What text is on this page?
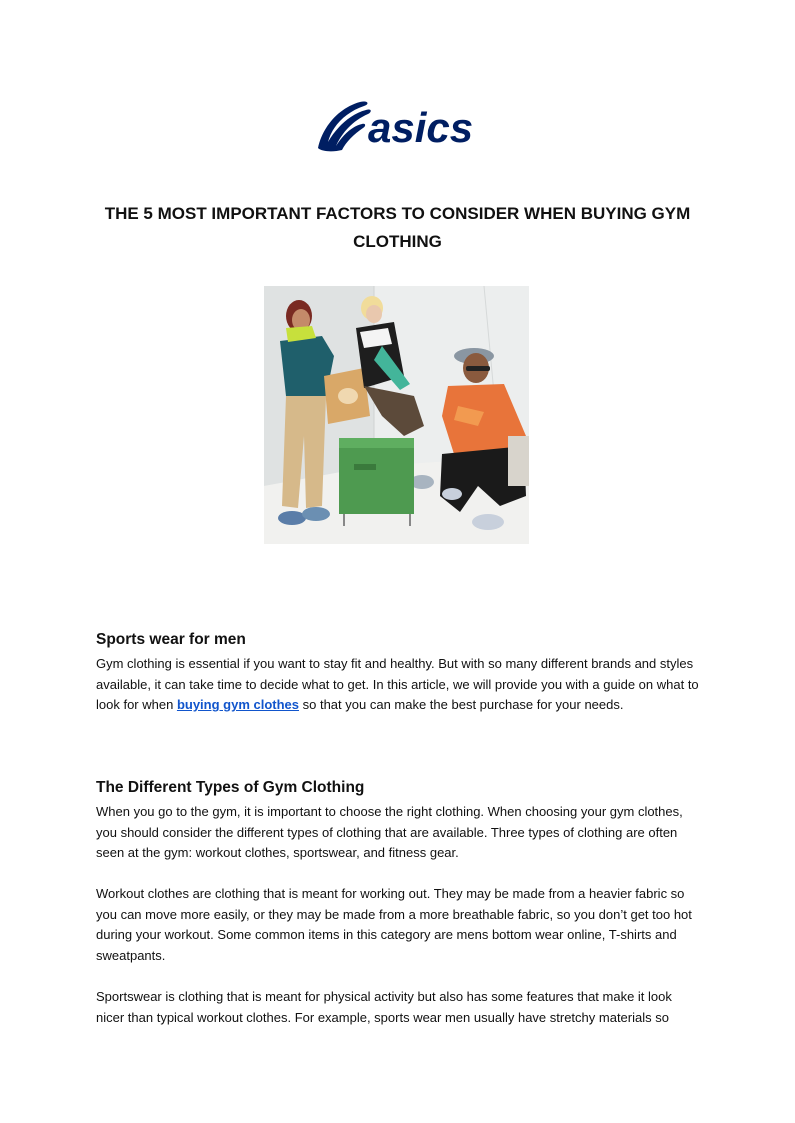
asics
THE 5 MOST IMPORTANT FACTORS TO CONSIDER WHEN BUYING GYM CLOTHING
Sports wear for men

Gym clothing is essential if you want to stay fit and healthy. But with so many different brands and styles available, it can take time to decide what to get. In this article, we will provide you with a guide on what to look for when buying gym clothes so that you can make the best purchase for your needs.

The Different Types of Gym Clothing

When you go to the gym, it is important to choose the right clothing. When choosing your gym clothes, you should consider the different types of clothing that are available. Three types of clothing are often seen at the gym: workout clothes, sportswear, and fitness gear.

Workout clothes are clothing that is meant for working out. They may be made from a heavier fabric so you can move more easily, or they may be made from a more breathable fabric, so you don’t get too hot during your workout. Some common items in this category are mens bottom wear online, T-shirts and sweatpants.

Sportswear is clothing that is meant for physical activity but also has some features that make it look nicer than typical workout clothes. For example, sports wear men usually have stretchy materials so
